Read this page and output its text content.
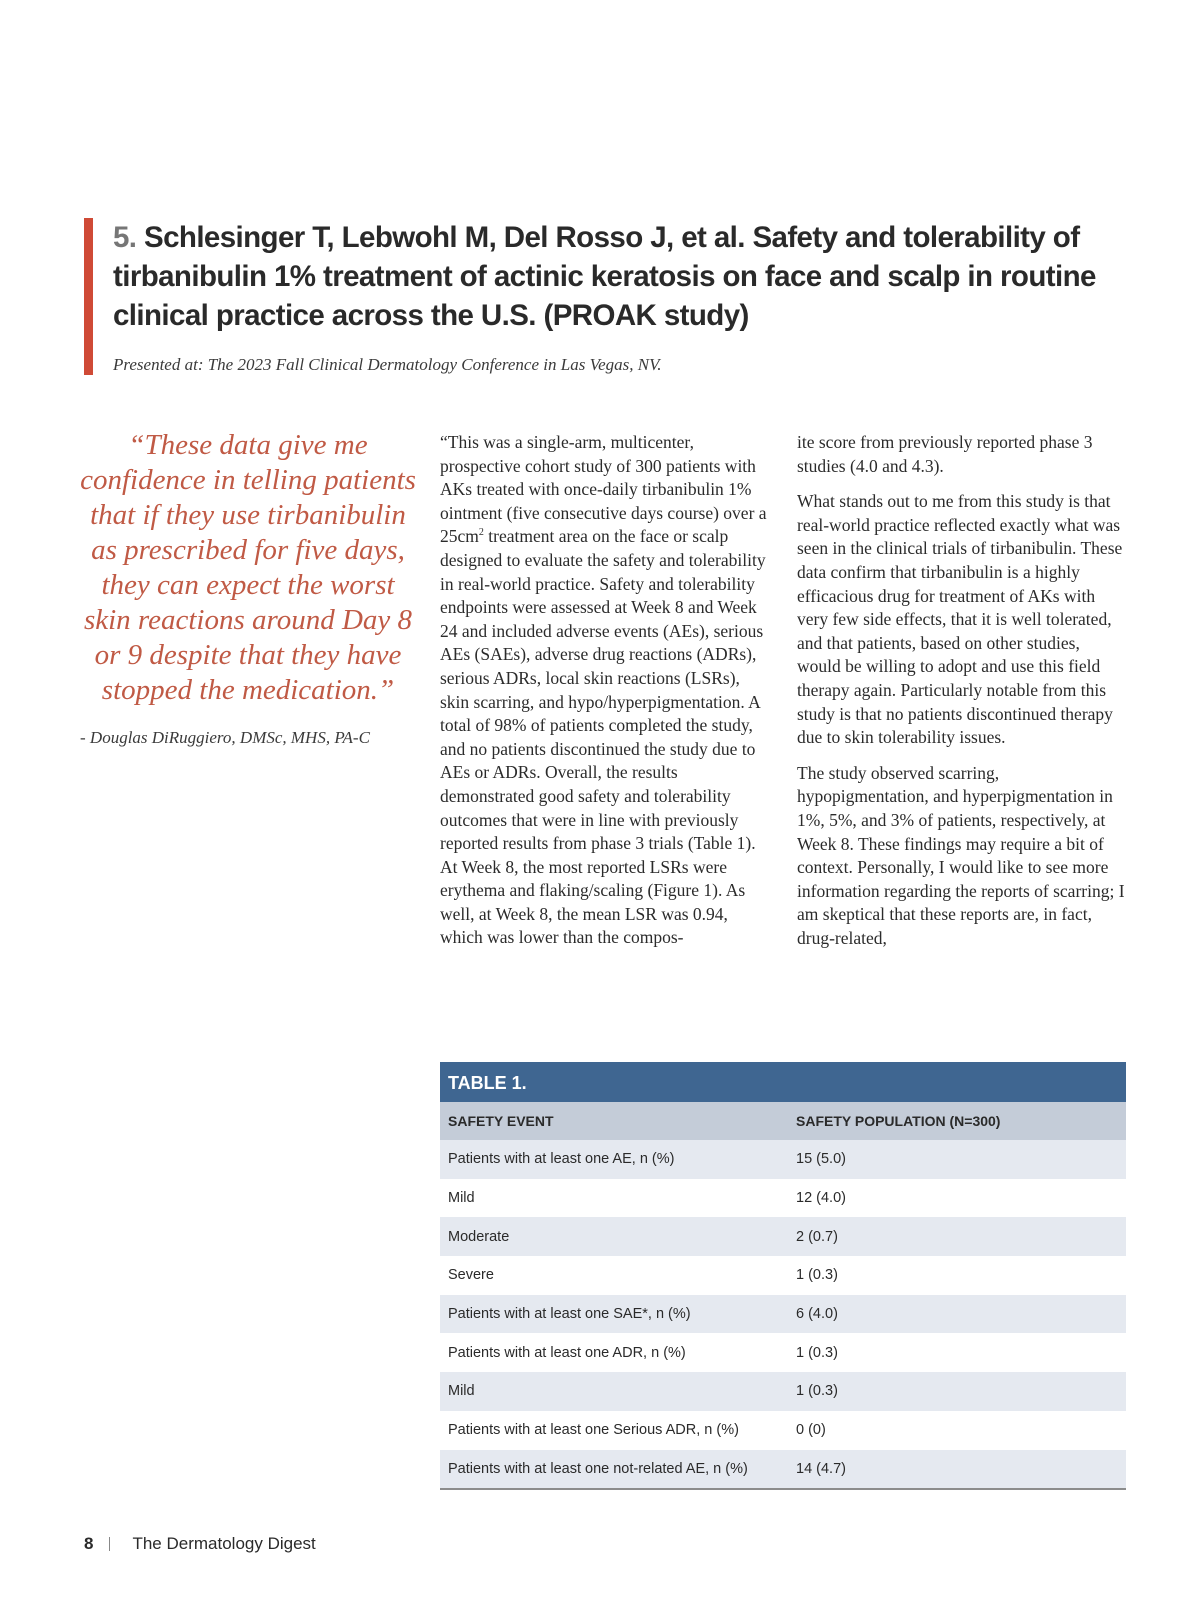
5. Schlesinger T, Lebwohl M, Del Rosso J, et al. Safety and tolerability of tirbanibulin 1% treatment of actinic keratosis on face and scalp in routine clinical practice across the U.S. (PROAK study)

Presented at: The 2023 Fall Clinical Dermatology Conference in Las Vegas, NV.

“These data give me confidence in telling patients that if they use tirbanibulin as prescribed for five days, they can expect the worst skin reactions around Day 8 or 9 despite that they have stopped the medication.”

- Douglas DiRuggiero, DMSc, MHS, PA-C

“This was a single-arm, multicenter, prospective cohort study of 300 patients with AKs treated with once-daily tirbanibulin 1% ointment (five consecutive days course) over a $25cm^2$ treatment area on the face or scalp designed to evaluate the safety and tolerability in real-world practice. Safety and tolerability endpoints were assessed at Week 8 and Week 24 and included adverse events (AEs), serious AEs (SAEs), adverse drug reactions (ADRs), serious ADRs, local skin reactions (LSRs), skin scarring, and hypo/hyperpigmentation. A total of 98% of patients completed the study, and no patients discontinued the study due to AEs or ADRs. Overall, the results demonstrated good safety and tolerability outcomes that were in line with previously reported results from phase 3 trials (Table 1). At Week 8, the most reported LSRs were erythema and flaking/scaling (Figure 1). As well, at Week 8, the mean LSR was 0.94, which was lower than the compos-

ite score from previously reported phase 3 studies (4.0 and 4.3).

What stands out to me from this study is that real-world practice reflected exactly what was seen in the clinical trials of tirbanibulin. These data confirm that tirbanibulin is a highly efficacious drug for treatment of AKs with very few side effects, that it is well tolerated, and that patients, based on other studies, would be willing to adopt and use this field therapy again. Particularly notable from this study is that no patients discontinued therapy due to skin tolerability issues.

The study observed scarring, hypopigmentation, and hyperpigmentation in 1%, 5%, and 3% of patients, respectively, at Week 8. These findings may require a bit of context. Personally, I would like to see more information regarding the reports of scarring; I am skeptical that these reports are, in fact, drug-related,

TABLE 1.
SAFETY EVENT	SAFETY POPULATION (N=300)
Patients with at least one AE, n (%)	15 (5.0)
Mild	12 (4.0)
Moderate	2 (0.7)
Severe	1 (0.3)
Patients with at least one SAE*, n (%)	6 (4.0)
Patients with at least one ADR, n (%)	1 (0.3)
Mild	1 (0.3)
Patients with at least one Serious ADR, n (%)	0 (0)
Patients with at least one not-related AE, n (%)	14 (4.7)
8 The Dermatology Digest
